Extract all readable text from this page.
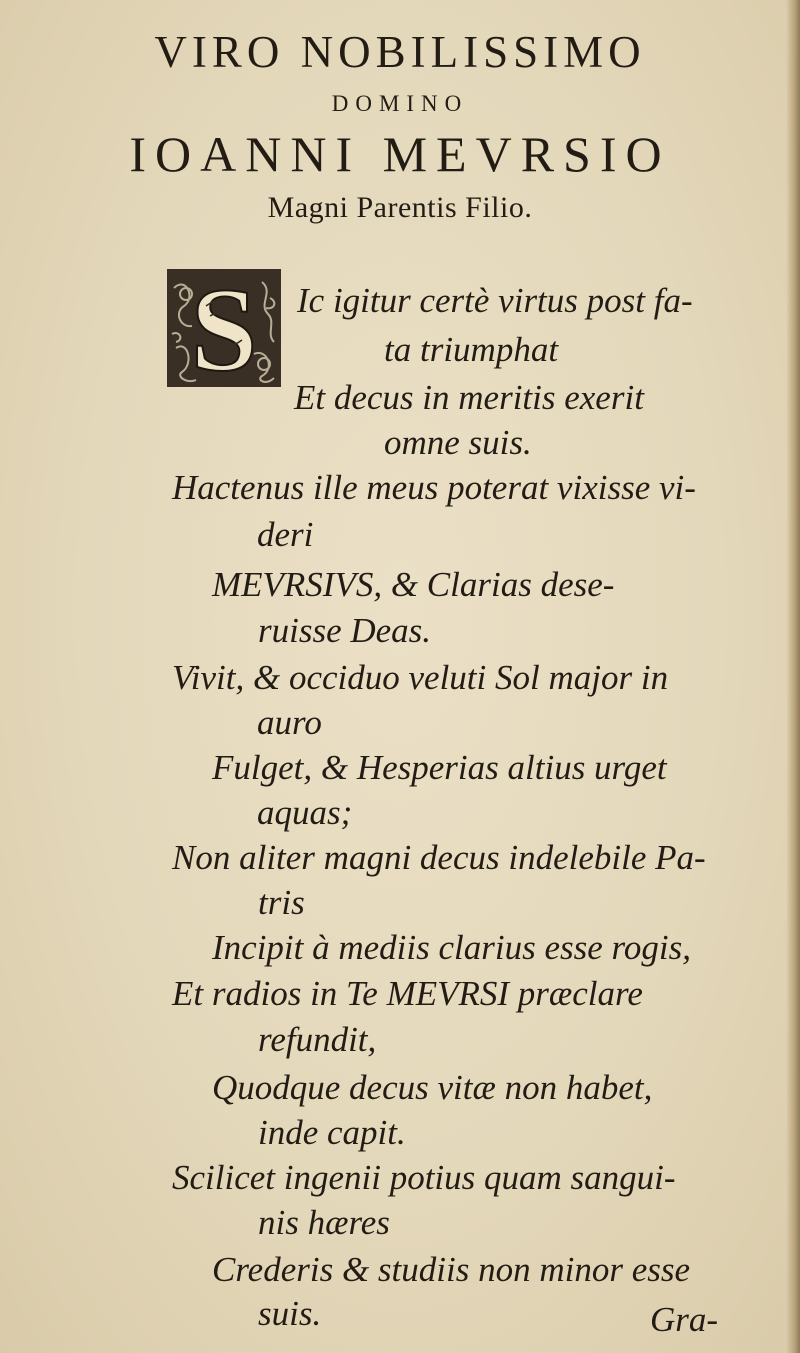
VIRO NOBILISSIMO
DOMINO
IOANNI MEVRSIO
Magni Parentis Filio.
S Ic igitur certè virtus post fa-
ta triumphat
Et decus in meritis exerit
omne suis.
Hactenus ille meus poterat vixisse vi-
deri
MEVRSIVS, & Clarias dese-
ruisse Deas.
Vivit, & occiduo veluti Sol major in
auro
Fulget, & Hesperias altius urget
aquas;
Non aliter magni decus indelebile Pa-
tris
Incipit à mediis clarius esse rogis,
Et radios in Te MEVRSI præclare
refundit,
Quodque decus vitæ non habet,
inde capit.
Scilicet ingenii potius quam sangui-
nis hæres
Crederis & studiis non minor esse
suis.	Gra-
